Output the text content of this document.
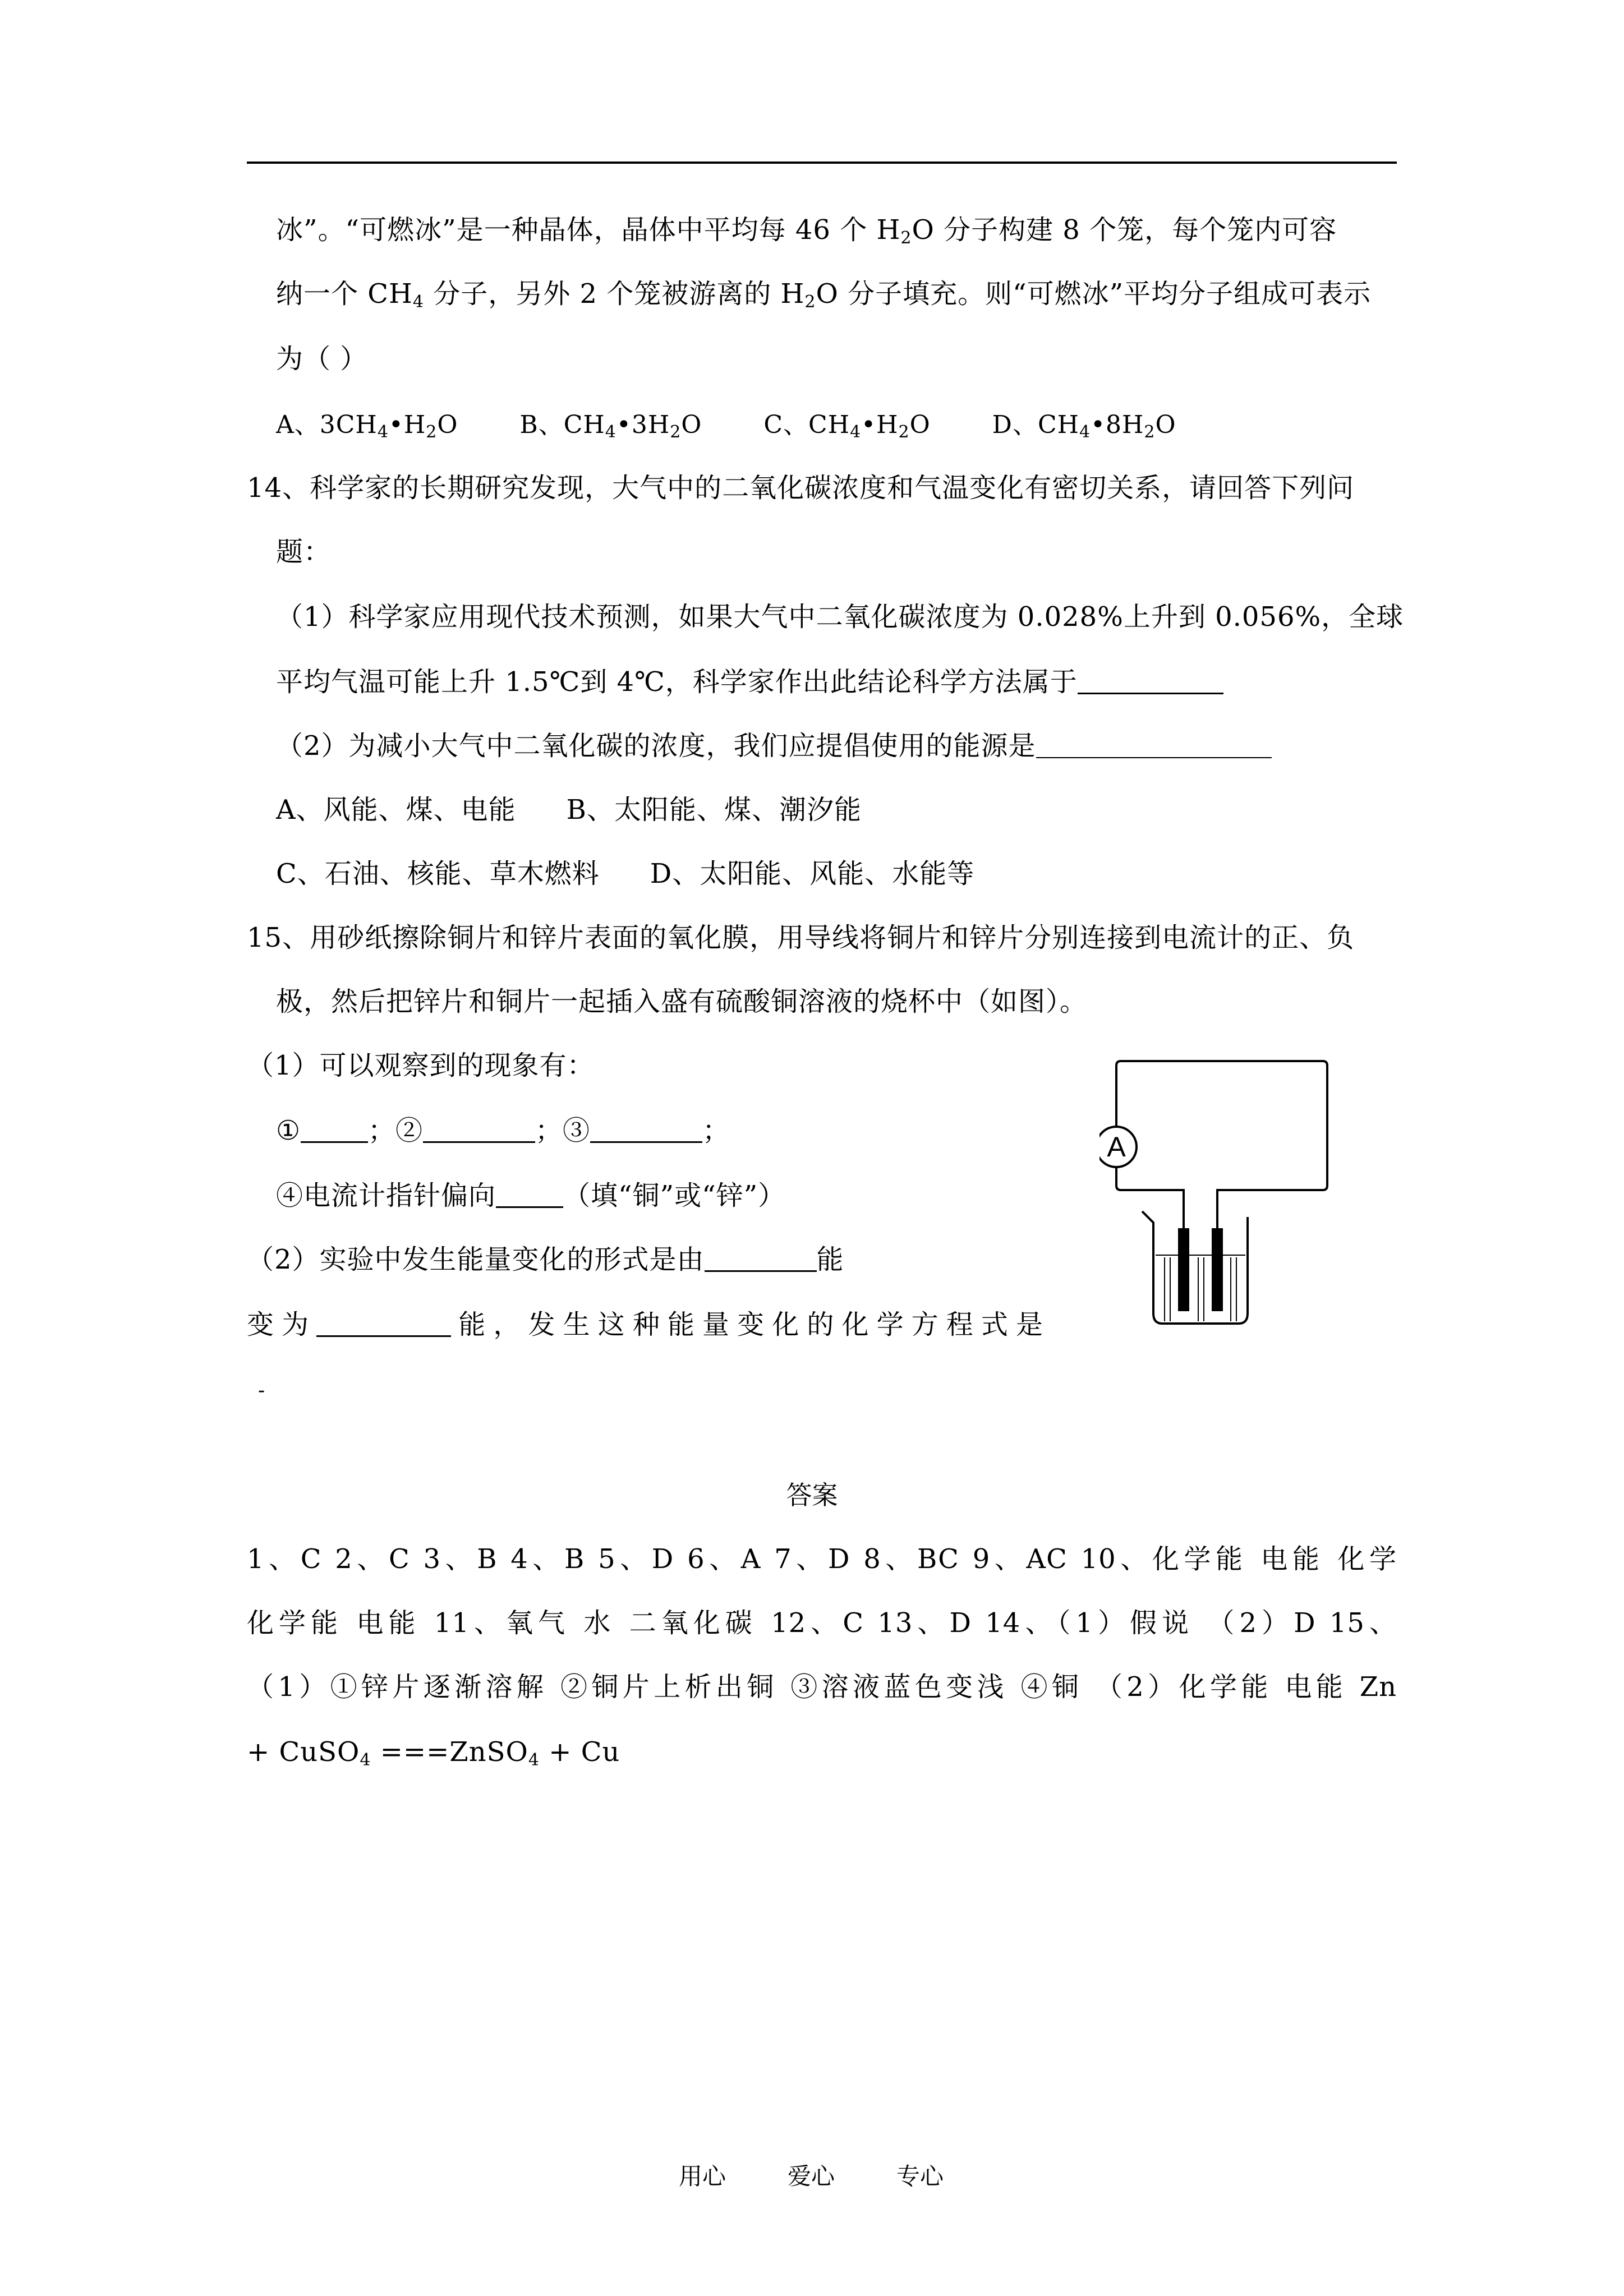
冰”。“可燃冰”是一种晶体，晶体中平均每 46 个 $H_2O$ 分子构建 8 个笼，每个笼内可容
纳一个 $CH_4$ 分子，另外 2 个笼被游离的 $H_2O$ 分子填充。则“可燃冰”平均分子组成可表示
为（ ）
A、$3CH_4•H_2O$	B、$CH_4•3H_2O$	C、$CH_4•H_2O$	D、$CH_4•8H_2O$
14、科学家的长期研究发现，大气中的二氧化碳浓度和气温变化有密切关系，请回答下列问
题：
（1）科学家应用现代技术预测，如果大气中二氧化碳浓度为 0.028%上升到 0.056%，全球
平均气温可能上升 1.5℃到 4℃，科学家作出此结论科学方法属于
（2）为减小大气中二氧化碳的浓度，我们应提倡使用的能源是
A、风能、煤、电能 B、太阳能、煤、潮汐能
C、石油、核能、草木燃料 D、太阳能、风能、水能等
15、用砂纸擦除铜片和锌片表面的氧化膜，用导线将铜片和锌片分别连接到电流计的正、负
极，然后把锌片和铜片一起插入盛有硫酸铜溶液的烧杯中（如图）。
（1）可以观察到的现象有：
①	；②	；③	；
④电流计指针偏向	（填“铜”或“锌”）
（2）实验中发生能量变化的形式是由	能
变为	能，发生这种能量变化的化学方程式是
-
A
答案
1、C 2、C 3、B 4、B 5、D 6、A 7、D 8、BC 9、AC 10、化学能 电能 化学
化学能 电能 11、氧气 水 二氧化碳 12、C 13、D 14、（1）假说 （2）D 15、
（1）①锌片逐渐溶解 ②铜片上析出铜 ③溶液蓝色变浅 ④铜 （2）化学能 电能 Zn
+ CuSO$_4$ ===ZnSO$_4$ + Cu
用心	爱心	专心
